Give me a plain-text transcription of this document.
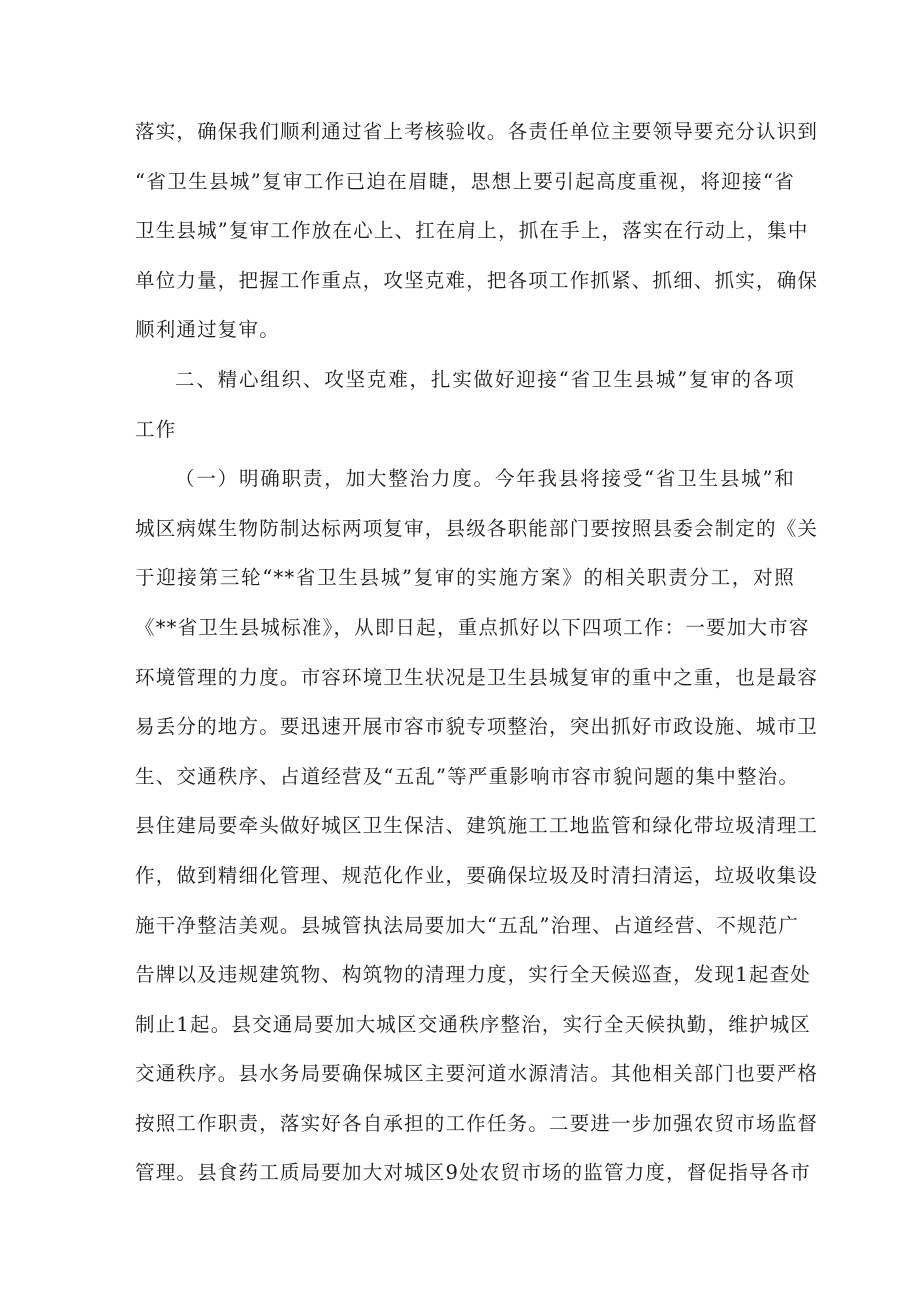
落实，确保我们顺利通过省上考核验收。各责任单位主要领导要充分认识到
“省卫生县城”复审工作已迫在眉睫，思想上要引起高度重视，将迎接“省
卫生县城”复审工作放在心上、扛在肩上，抓在手上，落实在行动上，集中
单位力量，把握工作重点，攻坚克难，把各项工作抓紧、抓细、抓实，确保
顺利通过复审。
二、精心组织、攻坚克难，扎实做好迎接“省卫生县城”复审的各项
工作
（一）明确职责，加大整治力度。今年我县将接受“省卫生县城”和
城区病媒生物防制达标两项复审，县级各职能部门要按照县委会制定的《关
于迎接第三轮“**省卫生县城”复审的实施方案》的相关职责分工，对照
《**省卫生县城标准》，从即日起，重点抓好以下四项工作：一要加大市容
环境管理的力度。市容环境卫生状况是卫生县城复审的重中之重，也是最容
易丢分的地方。要迅速开展市容市貌专项整治，突出抓好市政设施、城市卫
生、交通秩序、占道经营及“五乱”等严重影响市容市貌问题的集中整治。
县住建局要牵头做好城区卫生保洁、建筑施工工地监管和绿化带垃圾清理工
作，做到精细化管理、规范化作业，要确保垃圾及时清扫清运，垃圾收集设
施干净整洁美观。县城管执法局要加大“五乱”治理、占道经营、不规范广
告牌以及违规建筑物、构筑物的清理力度，实行全天候巡查，发现1起查处
制止1起。县交通局要加大城区交通秩序整治，实行全天候执勤，维护城区
交通秩序。县水务局要确保城区主要河道水源清洁。其他相关部门也要严格
按照工作职责，落实好各自承担的工作任务。二要进一步加强农贸市场监督
管理。县食药工质局要加大对城区9处农贸市场的监管力度，督促指导各市
